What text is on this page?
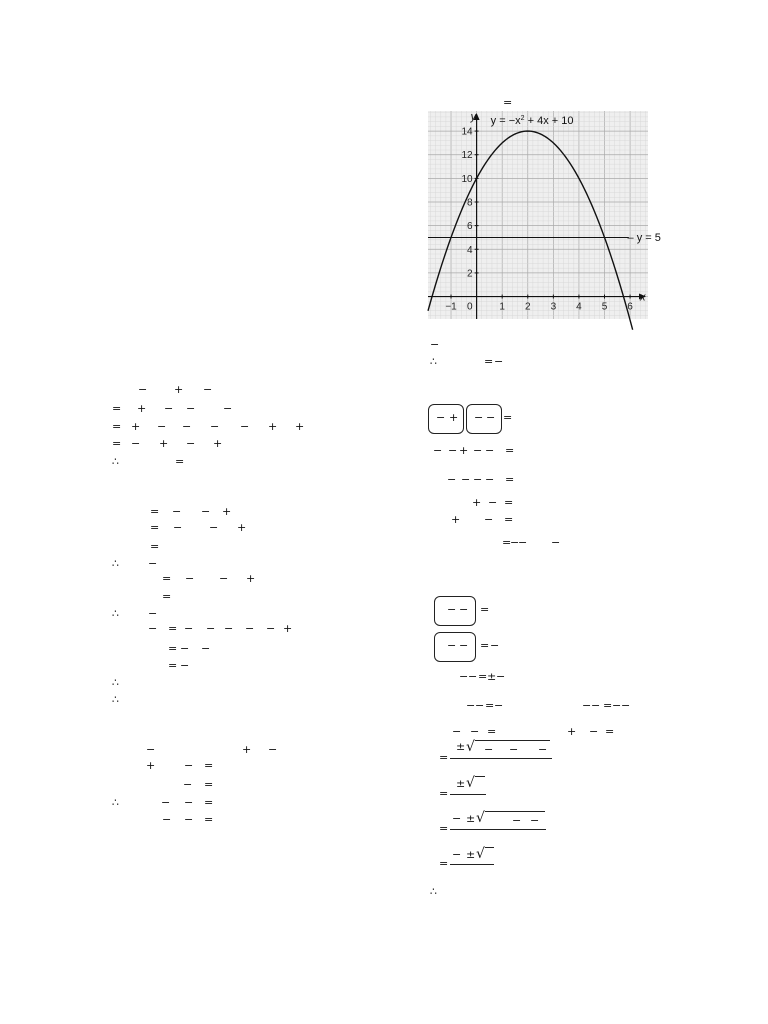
− + −
= + − −	−
= + − − − − + +
= − + − +
∴	=
= − − +
= − − +
=
∴	−
= − − +
=
∴	−
− = − − − − − +
= − −
= −
∴
∴
−	+ −
+	− =
− =
∴	− − =
− − =
=
x
y
−1	1 2 3 4 5 6
2
4
6
8
10
12
14
0
– y = 5
$y = -x^2 + 4x + 10$
−
∴	= −
− + − − =
− − + − − =
− − − − =
+ − =
+ − =
=
−
− −
− − =
− − = −
− − = ± −
− − = −	− − = − −
− − =	+ − =
=
± √ − − −
=
± √
=
− ± √ − −
=
− ± √
∴
